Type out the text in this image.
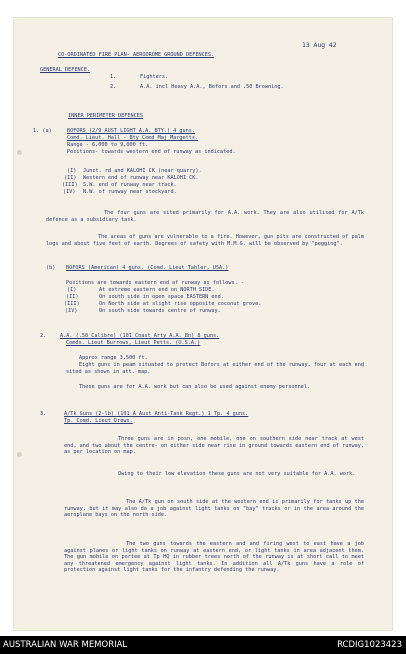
13 Aug 42
CO-ORDINATED FIRE PLAN- AERODROME GROUND DEFENCES.
GENERAL DEFENCE.
1.	Fighters.
2.	A.A. incl Heavy A.A., Bofors and .50 Browning.
INNER PERIMETER DEFENCES
1. (a)	BOFORS (2/9 AUST LIGHT A.A. BTY.) 4 guns.
Comd. Lieut. Hall - Bty Comd Maj Margetts.
Range - 6,000 to 9,000 ft.
Positions- towards western end of runway as indicated.
(I) Junct. rd and KALOHI CK (near quarry).
(II) Western end of runway near KALOHI CK.
(III) S.W. end of runway near track.
(IV) N.W. of runway near stockyard.
The four guns are sited primarily for A.A. work. They are also utilised for A/Tk defence as a subsidiary task.
The areas of guns are vulnerable to a fire. However, gun pits are constructed of palm logs and about five feet of earth. Degrees of safety with M.M.G. will be observed by "pegging".
(b) BOFORS (American) 4 guns. (Comd. Lieut Tabler, USA.)
Positions are towards eastern end of runway as follows. -
(I)	At extreme eastern end on NORTH SIDE.
(II)	On south side in open space EASTERN end.
(III)	On North side at slight rise opposite coconut grove.
(IV)	On south side towards centre of runway.
2.	A.A. (.50 Calibre) (101 Coast Arty A.A. Bn) 8 guns.
Comds. Lieut Burrows, Lieut Petts. (U.S.A.)
Approx range 3,500 ft.
Eight guns in peam situated to protect Bofors at either end of the runway, four at each end sited as shown in att. map.
These guns are for A.A. work but can also be used against enemy personnel.
3.	A/Tk Guns (2-lb) (101 A Aust Anti-Tank Regt.) 1 Tp. 4 guns.
Tp. Comd. Lieut Drews.
Three guns are in posn, one mobile, one on southern side near track at west end, and two about the centre- on either side near rise in ground towards eastern end of runway, as per location on map.
Owing to their low elevation these guns are not very suitable for A.A. work.
The A/Tk gun on south side at the western end is primarily for tanks up the runway, but it may also do a job against light tanks on "bay" tracks or in the area around the aeroplane bays on the north side.
The two guns towards the eastern and and firing west to east have a job against planes or light tanks on runway at eastern end, or light tanks in area adjacent them. The gun mobile on portee at Tp HQ in rubber trees north of the runway is at short call to meet any threatened emergency against light tanks. In addition all A/Tk guns have a role of protection against light tanks for the infantry defending the runway.
AUSTRALIAN WAR MEMORIAL	RCDIG1023423
